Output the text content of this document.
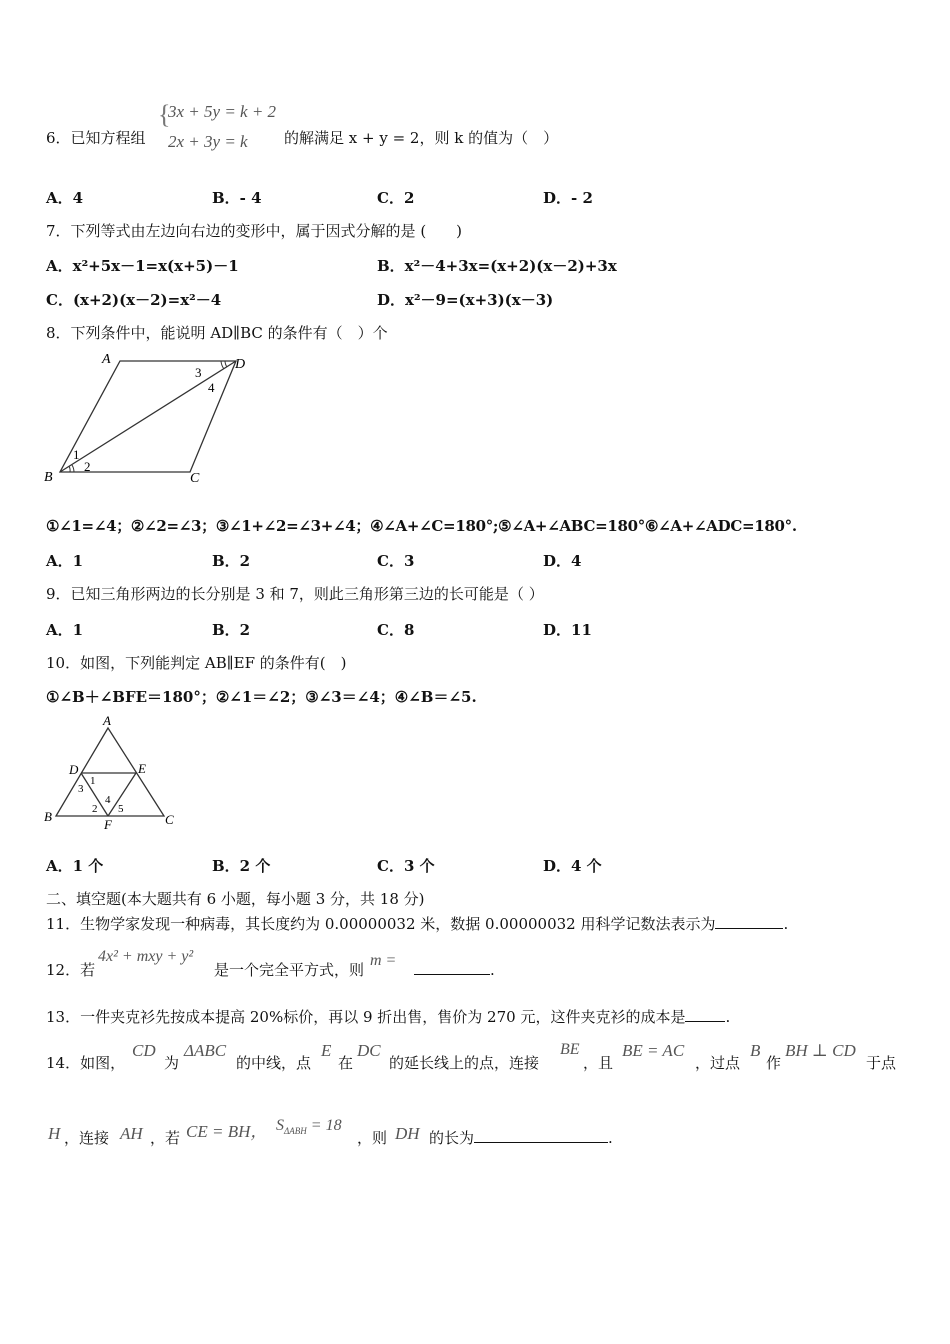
6．已知方程组
{
3x + 5y = k + 2
2x + 3y = k 的解满足 x + y = 2，则 k 的值为（　）
A．4	B．- 4	C．2	D．- 2
7．下列等式由左边向右边的变形中，属于因式分解的是 (　　)
A．x²+5x－1=x(x+5)－1	B．x²－4+3x=(x+2)(x－2)+3x
C．(x+2)(x－2)=x²－4	D．x²－9=(x+3)(x－3)
8．下列条件中，能说明 AD∥BC 的条件有（　）个
A	D
B	C
1
2
3
4
①∠1=∠4；②∠2=∠3；③∠1+∠2=∠3+∠4；④∠A+∠C=180°;⑤∠A+∠ABC=180°⑥∠A+∠ADC=180°.
A．1	B．2	C．3	D．4
9．已知三角形两边的长分别是 3 和 7，则此三角形第三边的长可能是（ ）
A．1	B．2	C．8	D．11
10．如图，下列能判定 AB∥EF 的条件有(　)
①∠B＋∠BFE＝180°；②∠1＝∠2；③∠3＝∠4；④∠B＝∠5.
A
D	E
B
F	C
1
2
3
4
5
A．1 个	B．2 个	C．3 个	D．4 个
二、填空题(本大题共有 6 小题，每小题 3 分，共 18 分)
11．生物学家发现一种病毒，其长度约为 0.00000032 米，数据 0.00000032 用科学记数法表示为	.
12．若
4x² + mxy + y²
是一个完全平方式，则
m =
.
13．一件夹克衫先按成本提高 20%标价，再以 9 折出售，售价为 270 元，这件夹克衫的成本是	.
14．如图，
CD
为
ΔABC
的中线，点
E
在
DC
的延长线上的点，连接
BE
，且
BE = AC
，过点
B
作
BH ⊥ CD
于点
H ，连接 AH ，若 CE = BH， $S_{\Delta ABH} = 18$
，则 DH 的长为	.
